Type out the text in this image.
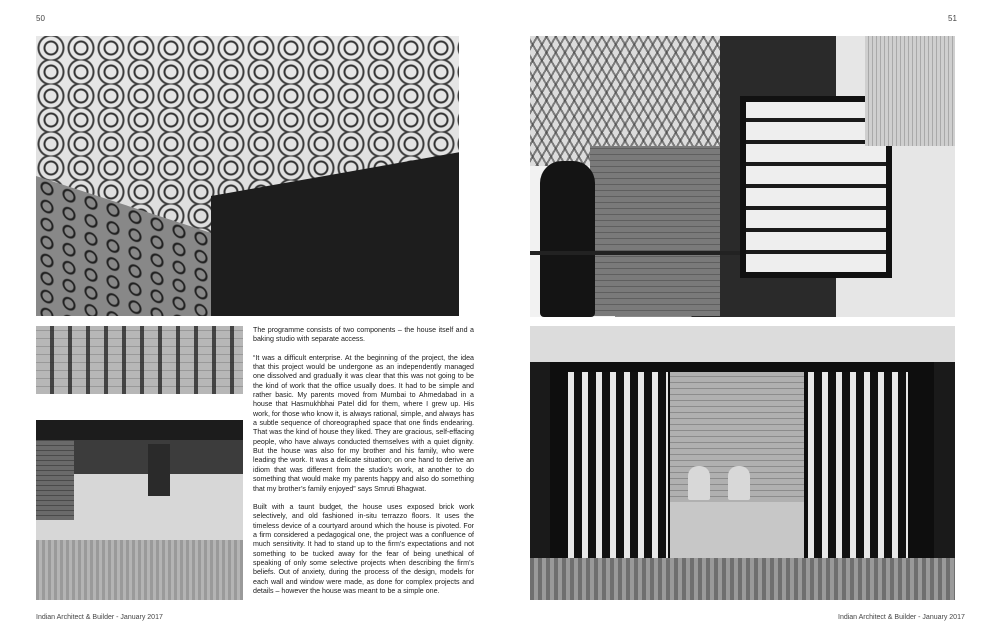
50

The programme consists of two components – the house itself and a baking studio with separate access.

“It was a difficult enterprise. At the beginning of the project, the idea that this project would be undergone as an independently managed one dissolved and gradually it was clear that this was not going to be the kind of work that the office usually does. It had to be simple and rather basic. My parents moved from Mumbai to Ahmedabad in a house that Hasmukhbhai Patel did for them, where I grew up. His work, for those who know it, is always rational, simple, and always has a subtle sequence of choreographed space that one finds endearing. That was the kind of house they liked. They are gracious, self-effacing people, who have always conducted themselves with a quiet dignity. But the house was also for my brother and his family, who were leading the work. It was a delicate situation; on one hand to derive an idiom that was different from the studio’s work, at another to do something that would make my parents happy and also do something that my brother’s family enjoyed” says Smruti Bhagwat.

Built with a taunt budget, the house uses exposed brick work selectively, and old fashioned in-situ terrazzo floors. It uses the timeless device of a courtyard around which the house is pivoted. For a firm considered a pedagogical one, the project was a confluence of much sensitivity. It had to stand up to the firm’s expectations and not something to be tucked away for the fear of being unethical of speaking of only some selective projects when describing the firm’s beliefs. Out of anxiety, during the process of the design, models for each wall and window were made, as done for complex projects and details – however the house was meant to be a simple one.

Indian Architect & Builder - January 2017
51
Indian Architect & Builder - January 2017
